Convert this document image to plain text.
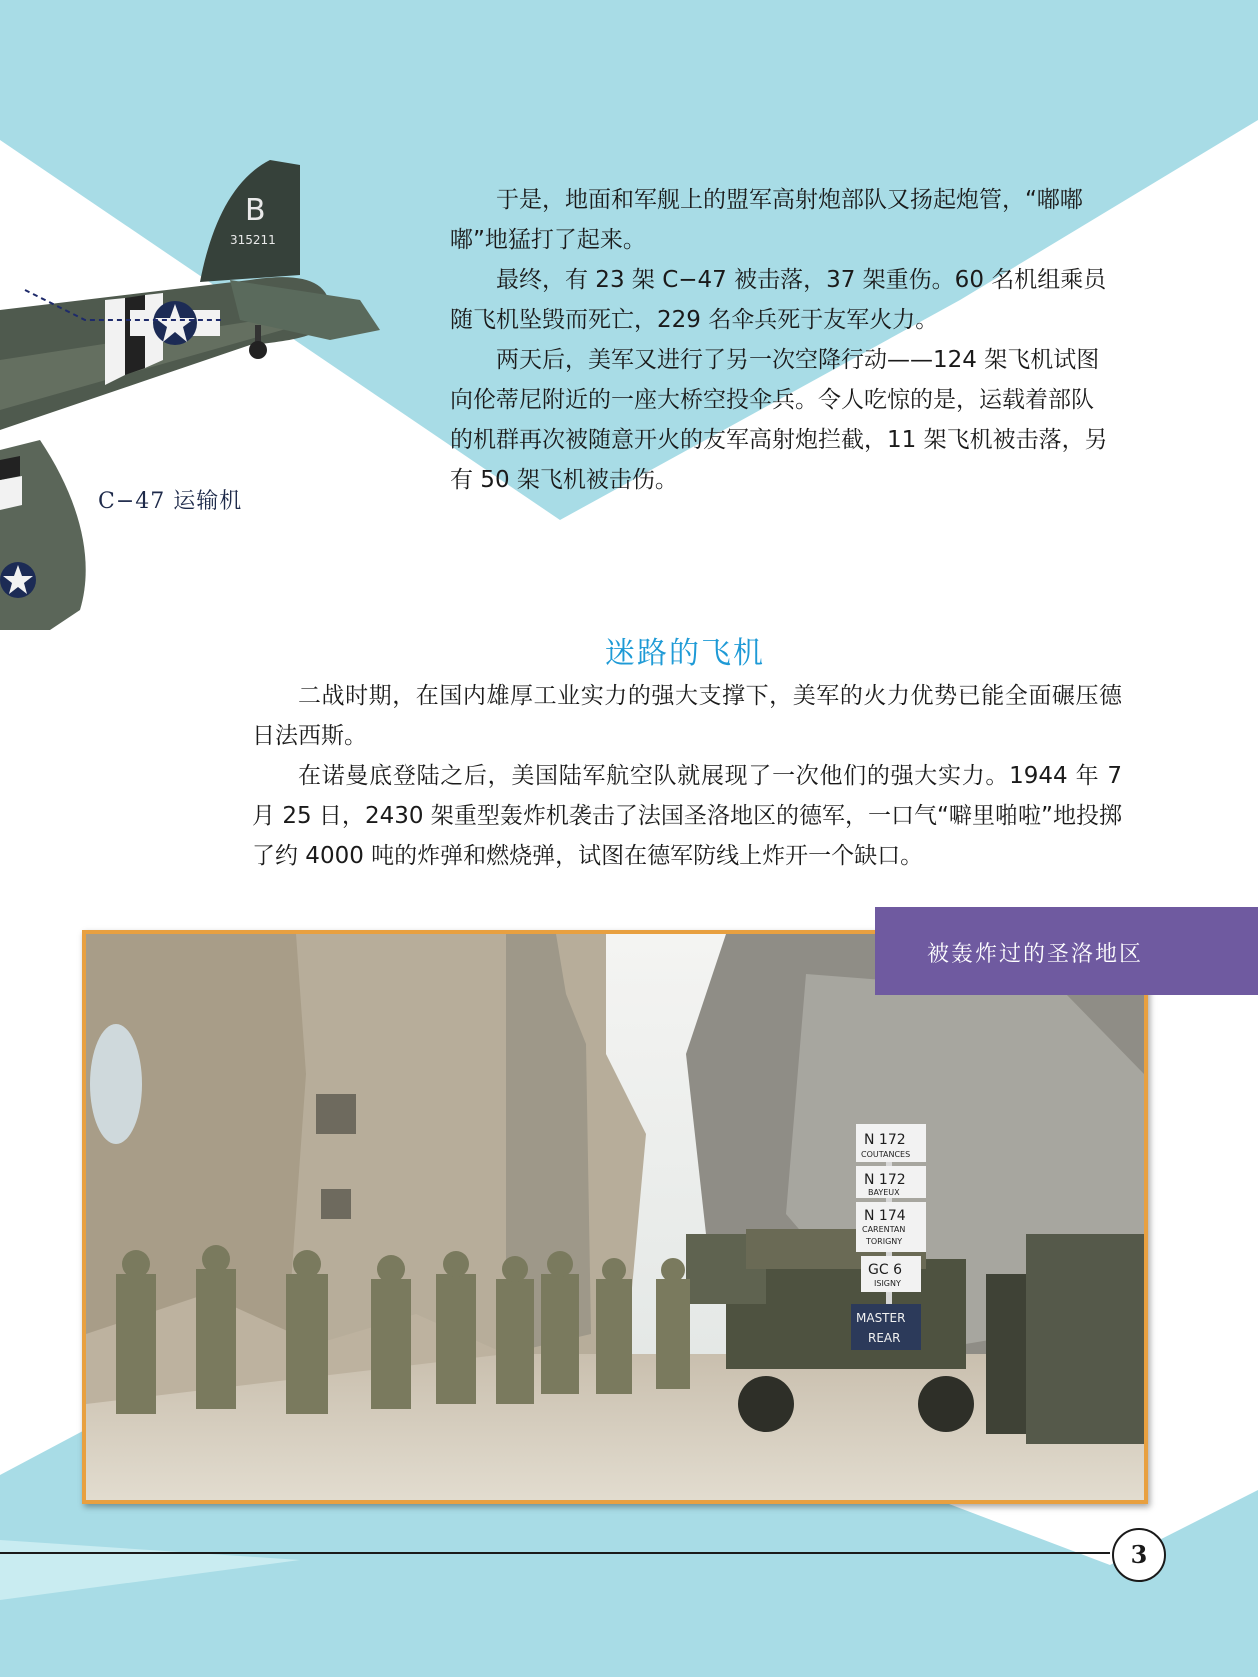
B
315211
C−47 运输机

于是，地面和军舰上的盟军高射炮部队又扬起炮管，“嘟嘟嘟”地猛打了起来。

最终，有 23 架 C−47 被击落，37 架重伤。60 名机组乘员随飞机坠毁而死亡，229 名伞兵死于友军火力。

两天后，美军又进行了另一次空降行动——124 架飞机试图向伦蒂尼附近的一座大桥空投伞兵。令人吃惊的是，运载着部队的机群再次被随意开火的友军高射炮拦截，11 架飞机被击落，另有 50 架飞机被击伤。

迷路的飞机

二战时期，在国内雄厚工业实力的强大支撑下，美军的火力优势已能全面碾压德日法西斯。

在诺曼底登陆之后，美国陆军航空队就展现了一次他们的强大实力。1944 年 7 月 25 日，2430 架重型轰炸机袭击了法国圣洛地区的德军，一口气“噼里啪啦”地投掷了约 4000 吨的炸弹和燃烧弹，试图在德军防线上炸开一个缺口。

N 172
COUTANCES
N 172
BAYEUX
N 174
CARENTAN
TORIGNY
GC 6
ISIGNY
MASTER
REAR
被轰炸过的圣洛地区
3
